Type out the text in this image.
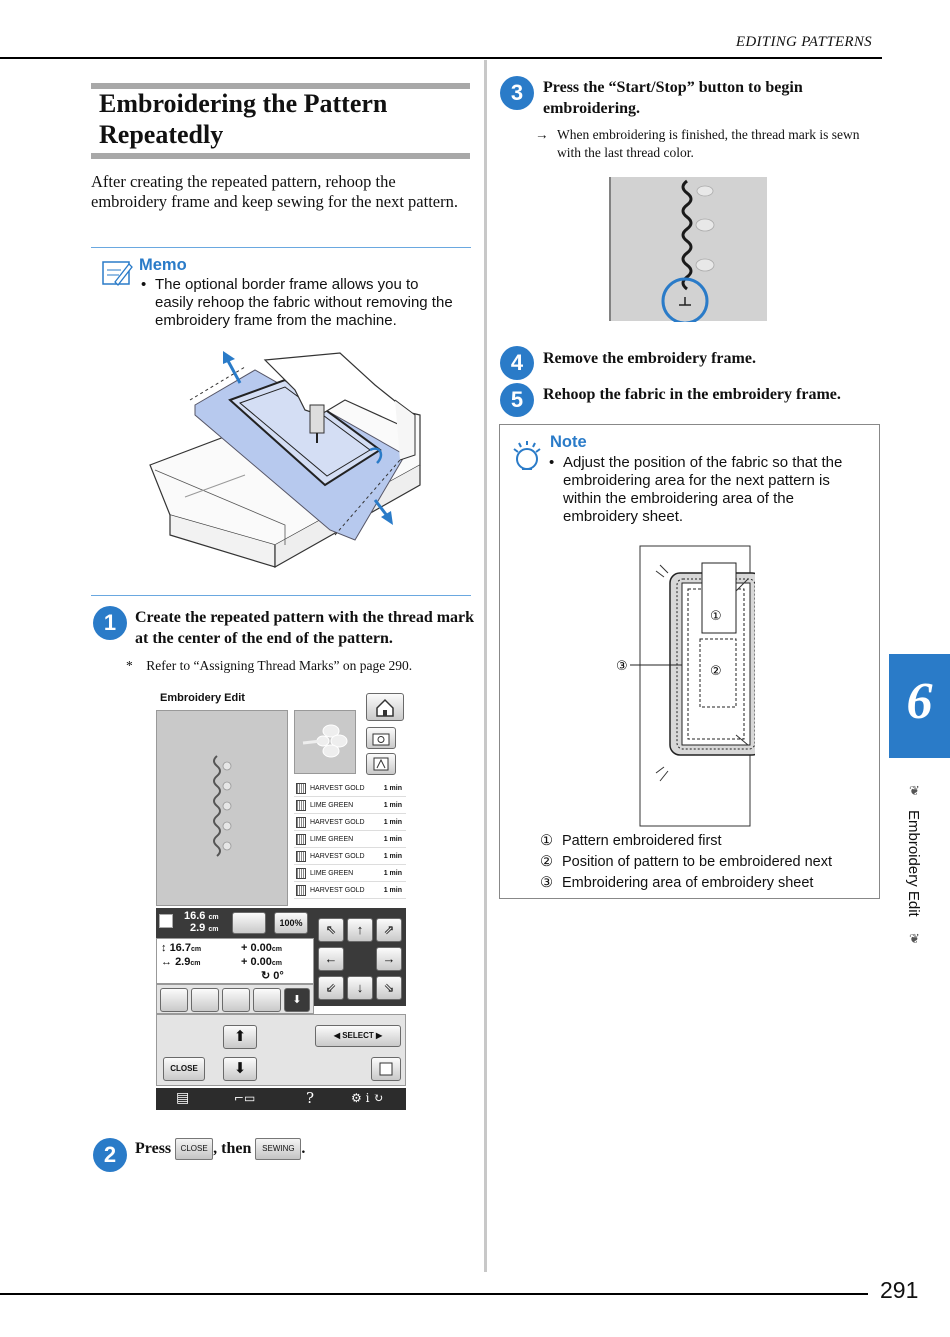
EDITING PATTERNS
6
❦
Embroidery Edit
❦
Embroidering the Pattern
Repeatedly
After creating the repeated pattern, rehoop the embroidery frame and keep sewing for the next pattern.
Memo
• The optional border frame allows you to easily rehoop the fabric without removing the embroidery frame from the machine.
1	Create the repeated pattern with the thread mark at the center of the end of the pattern.
*    Refer to “Assigning Thread Marks” on page 290.
Embroidery Edit
HARVEST GOLD	1 min
LIME GREEN	1 min
HARVEST GOLD	1 min
LIME GREEN	1 min
HARVEST GOLD	1 min
LIME GREEN	1 min
HARVEST GOLD	1 min
16.6 cm
2.9 cm
100%
↕ 16.7cm
↔ 2.9cm
+ 0.00cm
+ 0.00cm
↻ 0°
⇖	↑	⇗
←	→
⇙	↓	⇘
⬇
⬆
⬇
CLOSE
◀ SELECT ▶
▤	⌐▭	?	⚙ i ↻
2	Press CLOSE , then SEWING .
3	Press the “Start/Stop” button to begin embroidering.
→ When embroidering is finished, the thread mark is sewn with the last thread color.
4	Remove the embroidery frame.
5	Rehoop the fabric in the embroidery frame.
Note
• Adjust the position of the fabric so that the embroidering area for the next pattern is within the embroidering area of the embroidery sheet.
①
②
③
① Pattern embroidered first
② Position of pattern to be embroidered next
③ Embroidering area of embroidery sheet
291
